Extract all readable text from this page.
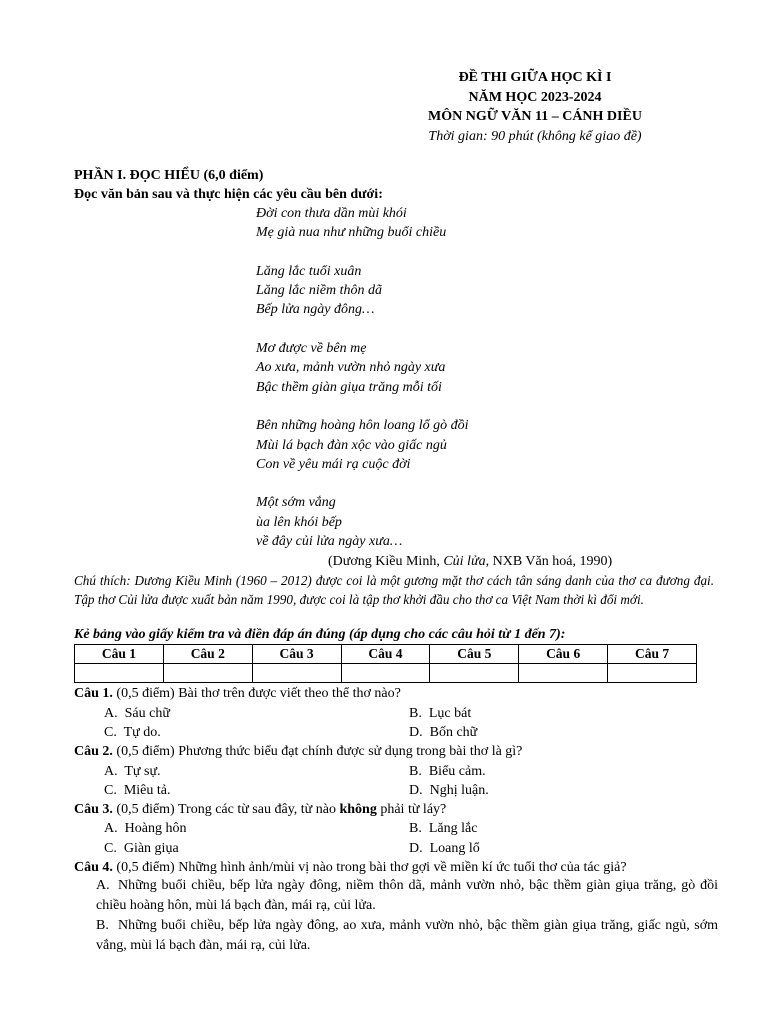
ĐỀ THI GIỮA HỌC KÌ I
NĂM HỌC 2023-2024
MÔN NGỮ VĂN 11 – CÁNH DIỀU
Thời gian: 90 phút (không kể giao đề)
PHẦN I. ĐỌC HIỂU (6,0 điểm)
Đọc văn bản sau và thực hiện các yêu cầu bên dưới:
Đời con thưa dần mùi khói
Mẹ già nua như những buổi chiều
Lăng lắc tuổi xuân
Lăng lắc niềm thôn dã
Bếp lửa ngày đông…
Mơ được về bên mẹ
Ao xưa, mảnh vườn nhỏ ngày xưa
Bậc thềm giàn giụa trăng mỗi tối
Bên những hoàng hôn loang lổ gò đồi
Mùi lá bạch đàn xộc vào giấc ngủ
Con về yêu mái rạ cuộc đời
Một sớm vắng
ùa lên khói bếp
về đây củi lửa ngày xưa…
(Dương Kiều Minh, Củi lửa, NXB Văn hoá, 1990)
Chú thích: Dương Kiều Minh (1960 – 2012) được coi là một gương mặt thơ cách tân sáng danh của thơ ca đương đại. Tập thơ Củi lửa được xuất bản năm 1990, được coi là tập thơ khởi đầu cho thơ ca Việt Nam thời kì đổi mới.
Kẻ bảng vào giấy kiểm tra và điền đáp án đúng (áp dụng cho các câu hỏi từ 1 đến 7):
Câu 1	Câu 2	Câu 3	Câu 4	Câu 5	Câu 6	Câu 7

Câu 1. (0,5 điểm) Bài thơ trên được viết theo thể thơ nào?
A. Sáu chữ	B. Lục bát
C. Tự do.	D. Bốn chữ
Câu 2. (0,5 điểm) Phương thức biểu đạt chính được sử dụng trong bài thơ là gì?
A. Tự sự.	B. Biểu cảm.
C. Miêu tả.	D. Nghị luận.
Câu 3. (0,5 điểm) Trong các từ sau đây, từ nào không phải từ láy?
A. Hoàng hôn	B. Lăng lắc
C. Giàn giụa	D. Loang lổ
Câu 4. (0,5 điểm) Những hình ảnh/mùi vị nào trong bài thơ gợi về miền kí ức tuổi thơ của tác giả?
A. Những buổi chiều, bếp lửa ngày đông, niềm thôn dã, mảnh vườn nhỏ, bậc thềm giàn giụa trăng, gò đồi chiều hoàng hôn, mùi lá bạch đàn, mái rạ, củi lửa.
B. Những buổi chiều, bếp lửa ngày đông, ao xưa, mảnh vườn nhỏ, bậc thềm giàn giụa trăng, giấc ngủ, sớm vắng, mùi lá bạch đàn, mái rạ, củi lửa.
